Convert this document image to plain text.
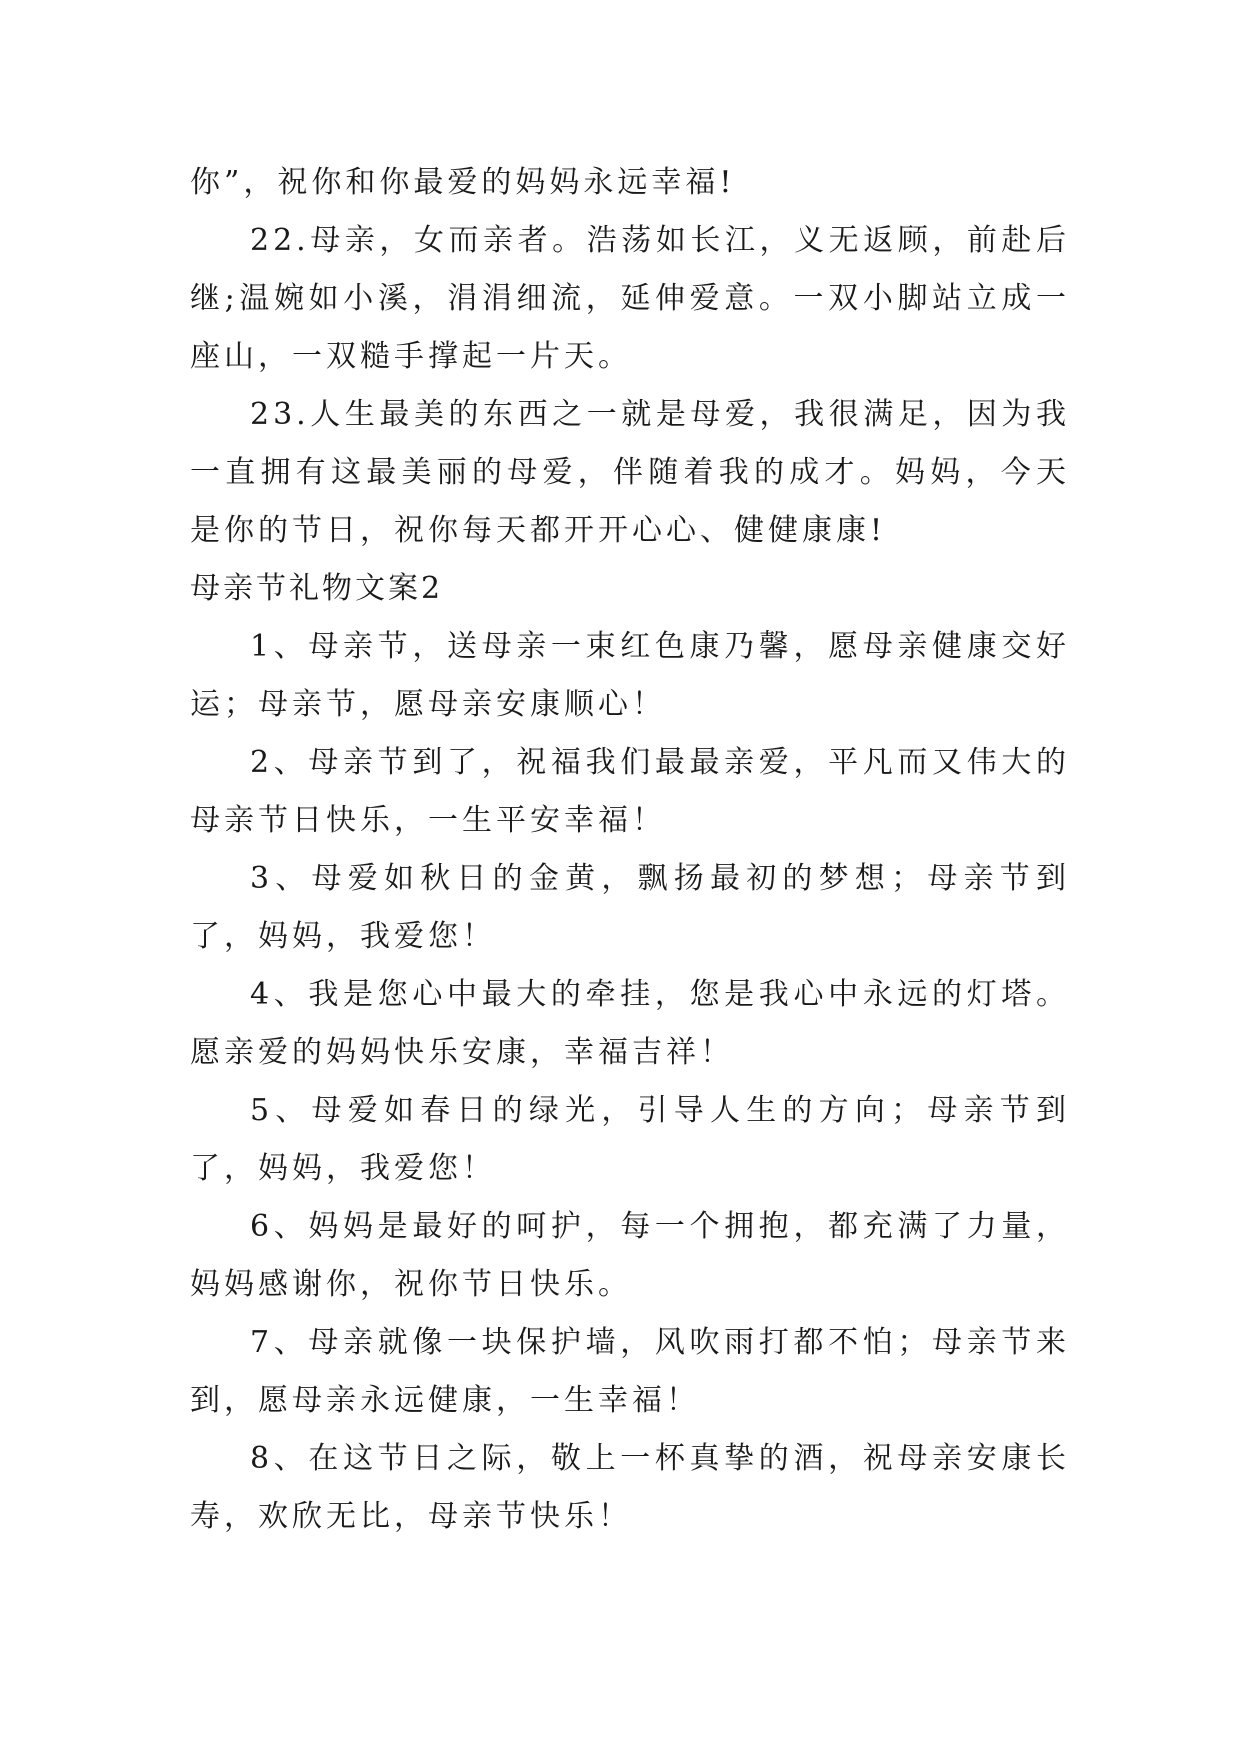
你”，祝你和你最爱的妈妈永远幸福!

22.母亲，女而亲者。浩荡如长江，义无返顾，前赴后继;温婉如小溪，涓涓细流，延伸爱意。一双小脚站立成一座山，一双糙手撑起一片天。

23.人生最美的东西之一就是母爱，我很满足，因为我一直拥有这最美丽的母爱，伴随着我的成才。妈妈，今天是你的节日，祝你每天都开开心心、健健康康!

母亲节礼物文案2

1、母亲节，送母亲一束红色康乃馨，愿母亲健康交好运；母亲节，愿母亲安康顺心！

2、母亲节到了，祝福我们最最亲爱，平凡而又伟大的母亲节日快乐，一生平安幸福！

3、母爱如秋日的金黄，飘扬最初的梦想；母亲节到了，妈妈，我爱您！

4、我是您心中最大的牵挂，您是我心中永远的灯塔。愿亲爱的妈妈快乐安康，幸福吉祥！

5、母爱如春日的绿光，引导人生的方向；母亲节到了，妈妈，我爱您！

6、妈妈是最好的呵护，每一个拥抱，都充满了力量，妈妈感谢你，祝你节日快乐。

7、母亲就像一块保护墙，风吹雨打都不怕；母亲节来到，愿母亲永远健康，一生幸福！

8、在这节日之际，敬上一杯真挚的酒，祝母亲安康长寿，欢欣无比，母亲节快乐！
